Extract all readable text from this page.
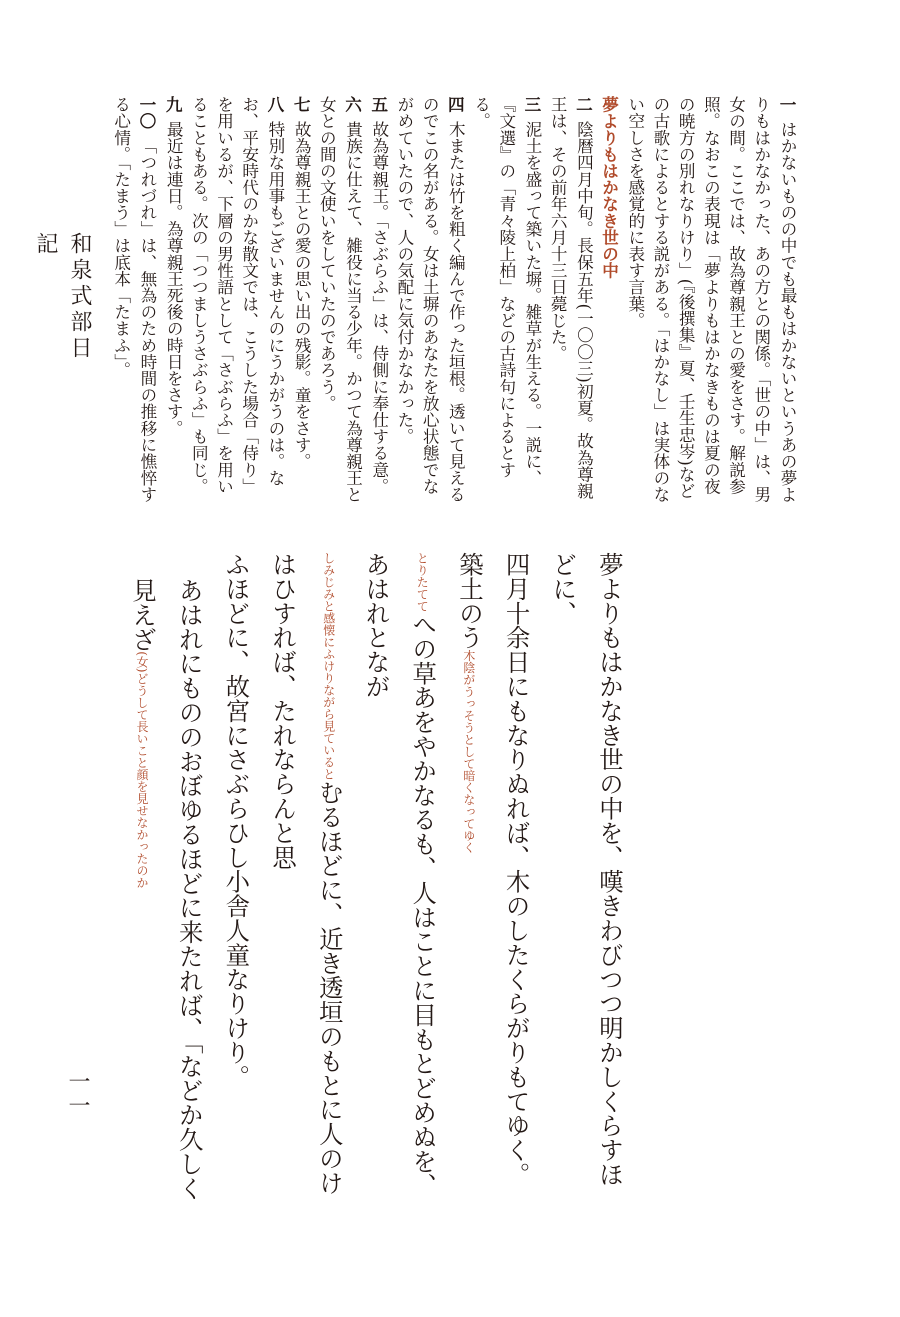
和泉式部日記

一 はかないものの中でも最もはかないというあの夢よりもはかなかった、あの方との関係。「世の中」は、男女の間。ここでは、故為尊親王との愛をさす。解説参照。なおこの表現は「夢よりもはかなきものは夏の夜の暁方の別れなりけり」(『後撰集』夏、壬生忠岑)などの古歌によるとする説がある。「はかなし」は実体のない空しさを感覚的に表す言葉。

夢よりもはかなき世の中

二 陰暦四月中旬。長保五年(一〇〇三)初夏。故為尊親王は、その前年六月十三日薨じた。

三 泥土を盛って築いた塀。雑草が生える。一説に、『文選』の「青々陵上柏」などの古詩句によるとする。

四 木または竹を粗く編んで作った垣根。透いて見えるのでこの名がある。女は土塀のあなたを放心状態でながめていたので、人の気配に気付かなかった。

五 故為尊親王。「さぶらふ」は、侍側に奉仕する意。

六 貴族に仕えて、雑役に当る少年。かつて為尊親王と女との間の文使いをしていたのであろう。

七 故為尊親王との愛の思い出の残影。童をさす。

八 特別な用事もございませんのにうかがうのは。なお、平安時代のかな散文では、こうした場合「侍り」を用いるが、下層の男性語として「さぶらふ」を用いることもある。次の「つつましうさぶらふ」も同じ。

九 最近は連日。為尊親王死後の時日をさす。

一〇 「つれづれ」は、無為のため時間の推移に憔悴する心情。「たまう」は底本「たまふ」。

夢よりもはかなき世の中を、嘆きわびつつ明かしくらすほどに、

四月十余日にもなりぬれば、木のしたくらがりもてゆく。築土のう木陰がうっそうとして暗くなってゆく

とりたててへの草あをやかなるも、人はことに目もとどめぬを、あはれとなが

しみじみと感懐にふけりながら見ているとむるほどに、近き透垣のもとに人のけはひすれば、たれならんと思

ふほどに、故宮にさぶらひし小舎人童なりけり。

あはれにもののおぼゆるほどに来たれば、「などか久しく見えざ(女)どうして長いこと顔を見せなかったのか

一一
